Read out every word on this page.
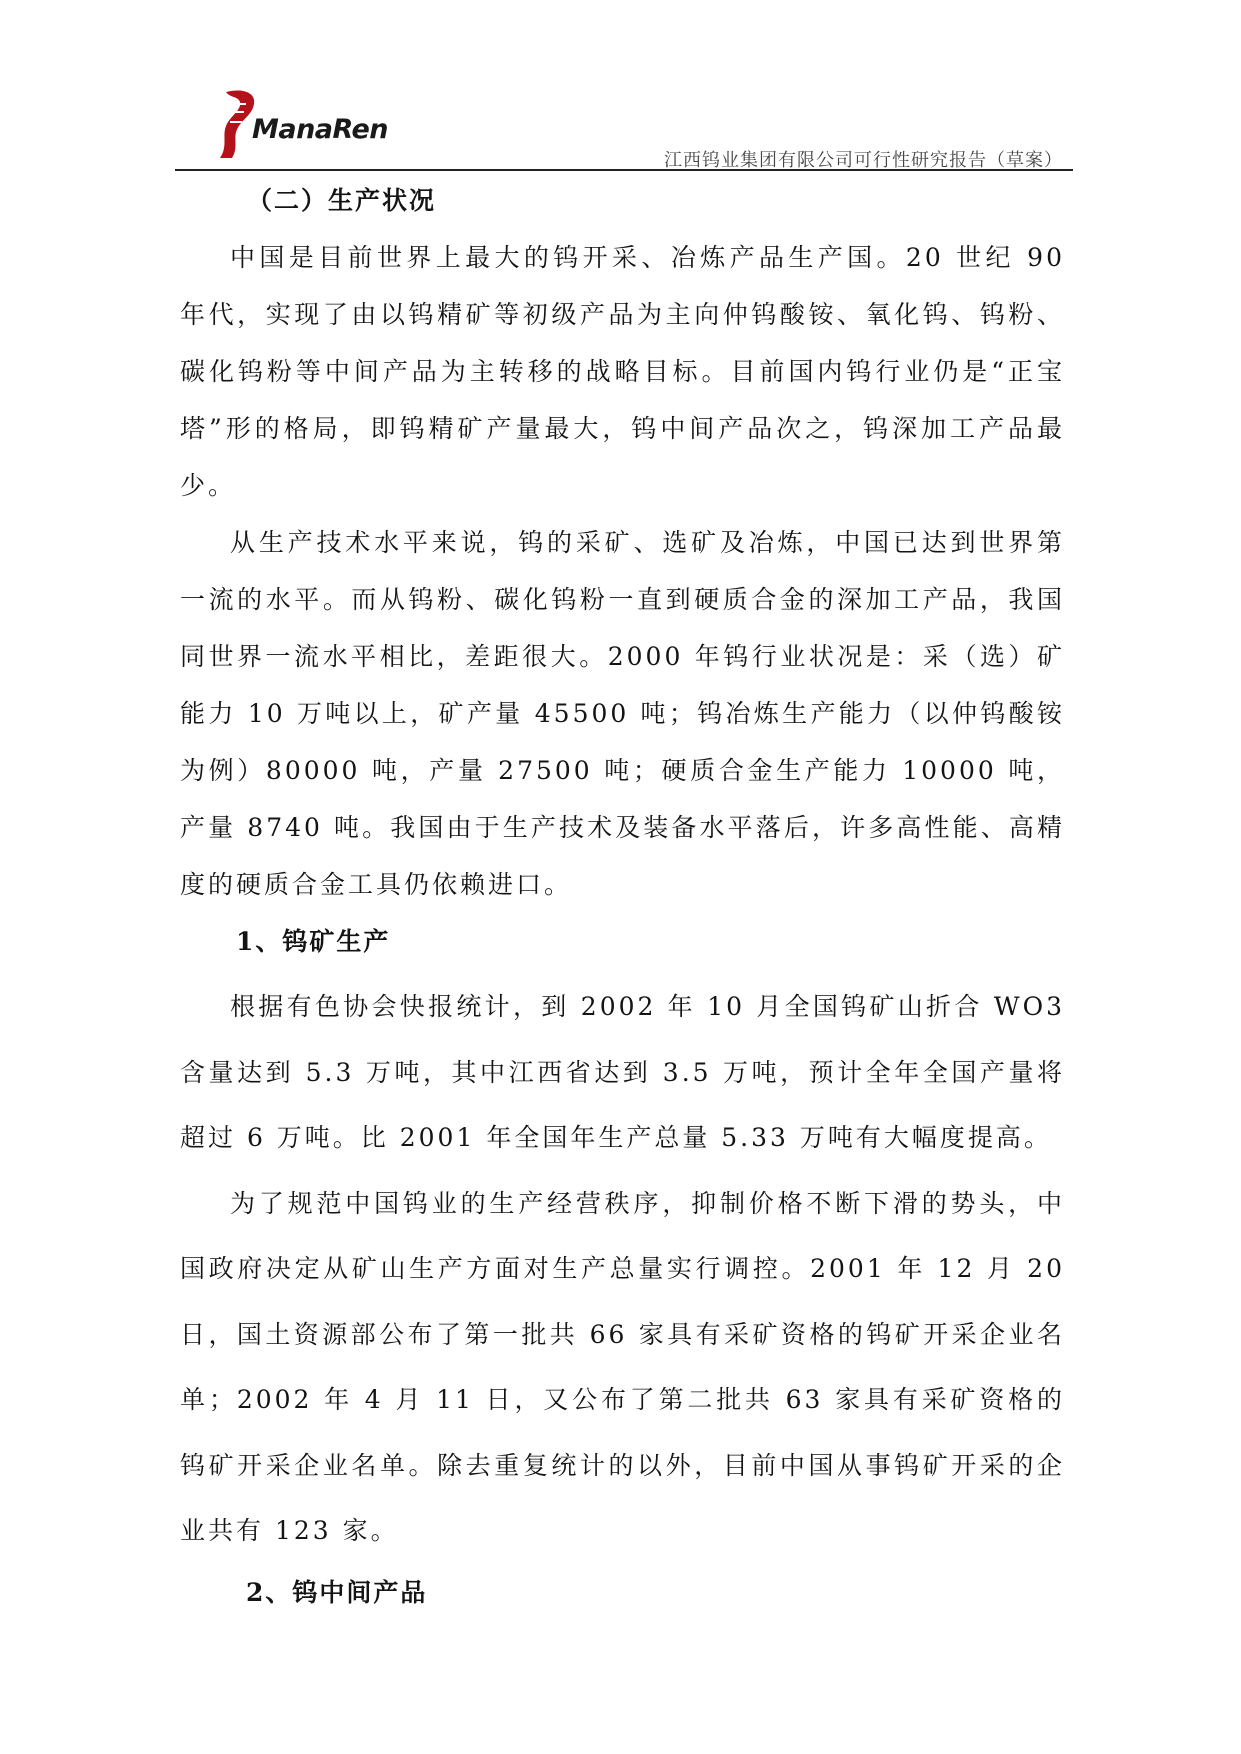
ManaRen
江西钨业集团有限公司可行性研究报告（草案）
（二）生产状况

中国是目前世界上最大的钨开采、冶炼产品生产国。20 世纪 90 年代，实现了由以钨精矿等初级产品为主向仲钨酸铵、氧化钨、钨粉、碳化钨粉等中间产品为主转移的战略目标。目前国内钨行业仍是“正宝塔”形的格局，即钨精矿产量最大，钨中间产品次之，钨深加工产品最少。

从生产技术水平来说，钨的采矿、选矿及冶炼，中国已达到世界第一流的水平。而从钨粉、碳化钨粉一直到硬质合金的深加工产品，我国同世界一流水平相比，差距很大。2000 年钨行业状况是：采（选）矿能力 10 万吨以上，矿产量 45500 吨；钨冶炼生产能力（以仲钨酸铵为例）80000 吨，产量 27500 吨；硬质合金生产能力 10000 吨，产量 8740 吨。我国由于生产技术及装备水平落后，许多高性能、高精度的硬质合金工具仍依赖进口。

1、钨矿生产

根据有色协会快报统计，到 2002 年 10 月全国钨矿山折合 WO3 含量达到 5.3 万吨，其中江西省达到 3.5 万吨，预计全年全国产量将超过 6 万吨。比 2001 年全国年生产总量 5.33 万吨有大幅度提高。

为了规范中国钨业的生产经营秩序，抑制价格不断下滑的势头，中国政府决定从矿山生产方面对生产总量实行调控。2001 年 12 月 20 日，国土资源部公布了第一批共 66 家具有采矿资格的钨矿开采企业名单；2002 年 4 月 11 日，又公布了第二批共 63 家具有采矿资格的钨矿开采企业名单。除去重复统计的以外，目前中国从事钨矿开采的企业共有 123 家。

2、钨中间产品
